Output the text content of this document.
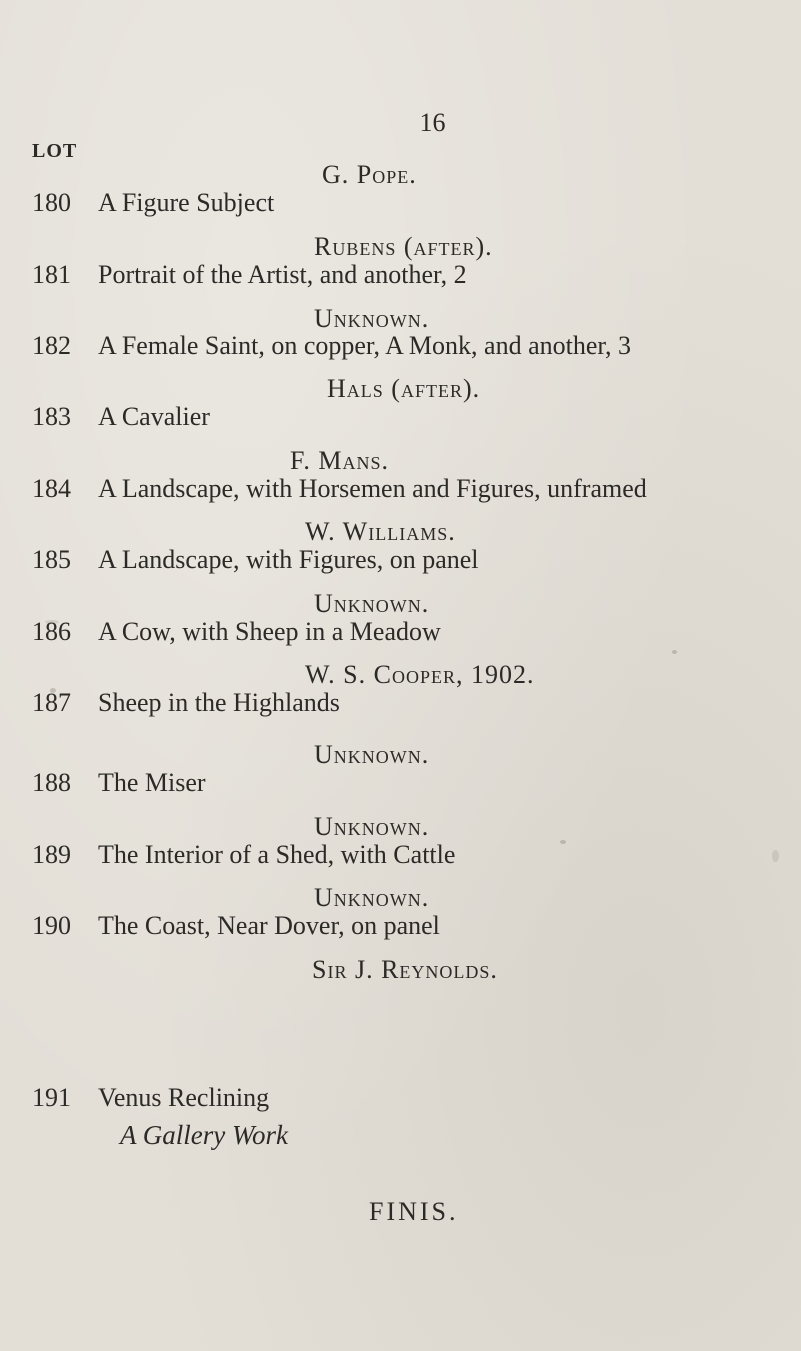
16
LOT
G. Pope.
180	A Figure Subject
Rubens (after).
181	Portrait of the Artist, and another, 2
Unknown.
182	A Female Saint, on copper, A Monk, and another, 3
Hals (after).
183	A Cavalier
F. Mans.
184	A Landscape, with Horsemen and Figures, unframed
W. Williams.
185	A Landscape, with Figures, on panel
Unknown.
186	A Cow, with Sheep in a Meadow
W. S. Cooper, 1902.
187	Sheep in the Highlands
Unknown.
188	The Miser
Unknown.
189	The Interior of a Shed, with Cattle
Unknown.
190	The Coast, Near Dover, on panel
Sir J. Reynolds.
191	Venus Reclining
A Gallery Work
FINIS.
